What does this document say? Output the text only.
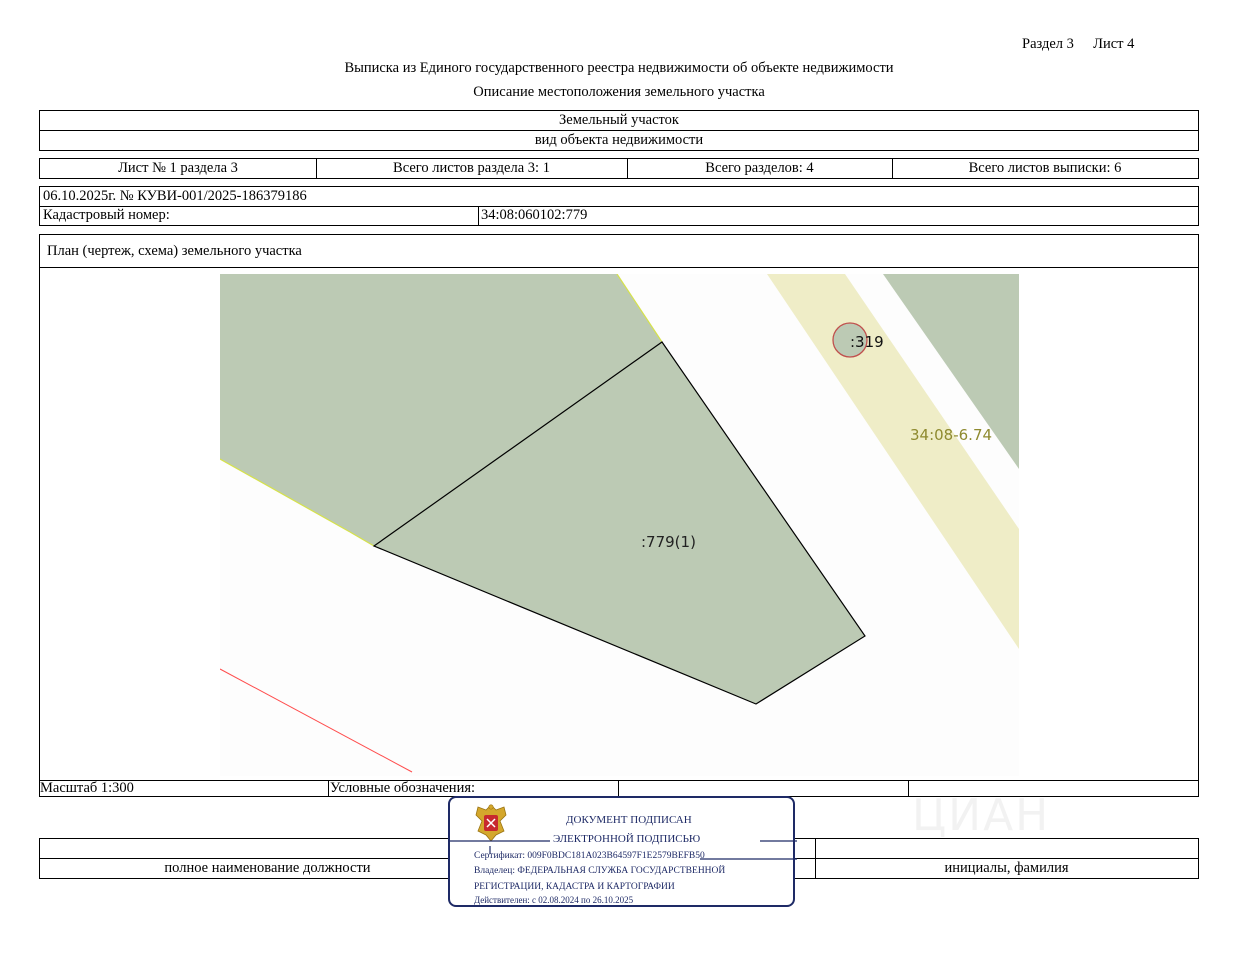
Раздел 3 Лист 4
Выписка из Единого государственного реестра недвижимости об объекте недвижимости
Описание местоположения земельного участка
Земельный участок
вид объекта недвижимости
Лист № 1 раздела 3	Всего листов раздела 3: 1	Всего разделов: 4	Всего листов выписки: 6
06.10.2025г. № КУВИ-001/2025-186379186
Кадастровый номер:	34:08:060102:779
План (чертеж, схема) земельного участка
Масштаб 1:300	Условные обозначения:
:319
34:08-6.74
:779(1)
полное наименование должности	инициалы, фамилия
ЦИАН
ДОКУМЕНТ ПОДПИСАН
ЭЛЕКТРОННОЙ ПОДПИСЬЮ
Сертификат: 009F0BDC181A023B64597F1E2579BEFB50
Владелец: ФЕДЕРАЛЬНАЯ СЛУЖБА ГОСУДАРСТВЕННОЙ
РЕГИСТРАЦИИ, КАДАСТРА И КАРТОГРАФИИ
Действителен: с 02.08.2024 по 26.10.2025
